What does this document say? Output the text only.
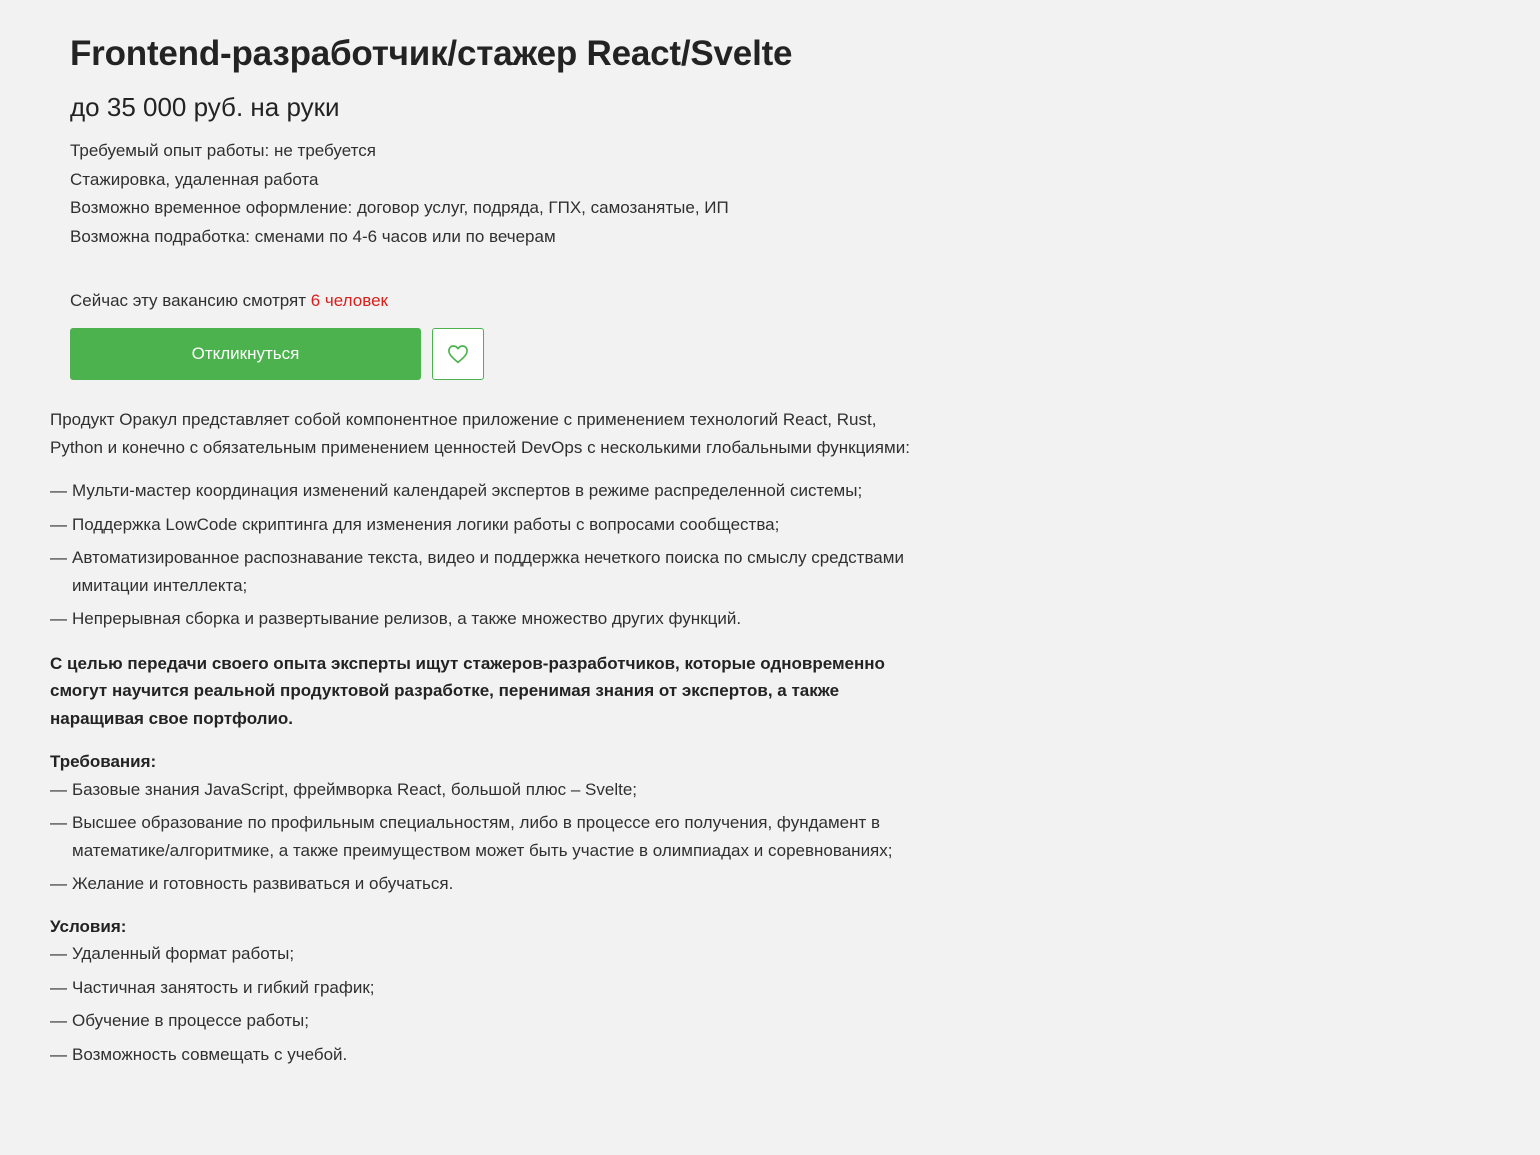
Frontend-разработчик/стажер React/Svelte

до 35 000 руб. на руки

Требуемый опыт работы: не требуется
Стажировка, удаленная работа
Возможно временное оформление: договор услуг, подряда, ГПХ, самозанятые, ИП
Возможна подработка: сменами по 4-6 часов или по вечерам
Сейчас эту вакансию смотрят 6 человек
Откликнуться

Продукт Оракул представляет собой компонентное приложение с применением технологий React, Rust, Python и конечно с обязательным применением ценностей DevOps с несколькими глобальными функциями:

— Мульти-мастер координация изменений календарей экспертов в режиме распределенной системы;
— Поддержка LowCode скриптинга для изменения логики работы с вопросами сообщества;
— Автоматизированное распознавание текста, видео и поддержка нечеткого поиска по смыслу средствами имитации интеллекта;
— Непрерывная сборка и развертывание релизов, а также множество других функций.

С целью передачи своего опыта эксперты ищут стажеров-разработчиков, которые одновременно смогут научится реальной продуктовой разработке, перенимая знания от экспертов, а также наращивая свое портфолио.

Требования:

— Базовые знания JavaScript, фреймворка React, большой плюс – Svelte;
— Высшее образование по профильным специальностям, либо в процессе его получения, фундамент в математике/алгоритмике, а также преимуществом может быть участие в олимпиадах и соревнованиях;
— Желание и готовность развиваться и обучаться.

Условия:

— Удаленный формат работы;
— Частичная занятость и гибкий график;
— Обучение в процессе работы;
— Возможность совмещать с учебой.
